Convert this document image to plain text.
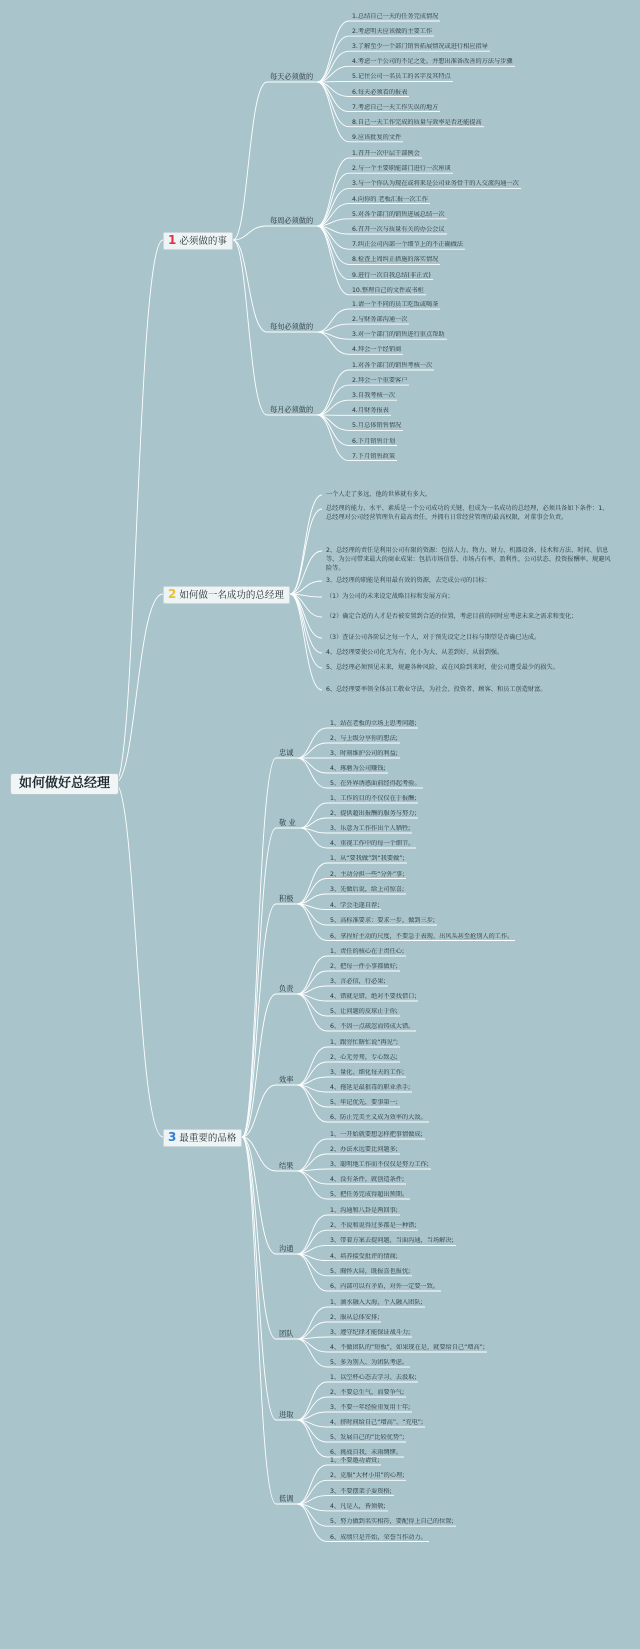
如何做好总经理
1 必须做的事
每天必须做的
1.总结自己一天的任务完成情况
2.考虑明天应该做的主要工作
3.了解至少一个部门销售拓展情况或进行相应指导
4.考虑一个公司的不足之处，并想出准备改善的方法与步骤
5.记住公司一名员工的名字及其特点
6.每天必须看的报表
7.考虑自己一天工作失误的地方
8.自己一天工作完成的质量与效率是否还能提高
9.应该批复的文件
每周必须做的
1.召开一次中层干部例会
2.与一个主要职能部门进行一次座谈
3.与一个你认为现在或将来是公司业务骨干的人交流沟通一次
4.向你的 老板汇报一次工作
5.对各个部门的销售进展总结一次
6.召开一次与质量有关的办公会议
7.纠正公司内部一个细节上的不正确做法
8.检查上周纠正措施的落实情况
9.进行一次自我总结(非正式)
10.整理自己的文件或书柜
每旬必须做的
1.请一个不同的员工吃饭或喝茶
2.与财务部沟通一次
3.对一个部门的销售进行重点帮助
4.拜会一个经销商
每月必须做的
1.对各个部门的销售考核一次
2.拜会一个重要客户
3.自我考核一次
4.月财务报表
5.月总体销售情况
6.下月销售计划
7.下月销售政策
2 如何做一名成功的总经理
一个人走了多远，他的世界就有多大。
总经理的能力、水平、素质是一个公司成功的关键，但成为一名成功的总经理，必须具备如下条件：1、总经理对公司经营管理负有最高责任，并拥有日常经营管理的最高权限，对董事会负责。
2、总经理的责任是利用公司有限的资源：包括人力、物力、财力、机器设备、技术和方法、时间、信息等，为公司带来最大的商业成果：包括市场信誉、市场占有率、盈利性、公司状态、投资报酬率、规避风险等。
3、总经理的职能是利用最有效的资源，去完成公司的目标：
（1）为公司的未来设定战略目标和发展方向；
（2）确定合适的人才是否被安置到合适的位置，考虑目前的同时应考虑未来之需求和变化；
（3）查证公司各阶层之每一个人，对于预先设定之目标与期望是否确已达成。
4、总经理要使公司化无为有、化小为大、从差到好、从弱到强。
5、总经理必须预见未来，规避各种风险，或在风险到来时，使公司遭受最少的损失。
6、总经理要率领全体员工敬业守法，为社会、投资者、顾客、和员工创造财富。
3 最重要的品格
忠诚
1、站在老板的立场上思考问题;
2、与上级分享你的想法;
3、时刻维护公司的利益;
4、琢磨为公司赚钱;
5、在外界诱惑面前经得起考验。
敬 业
1、工作的目的不仅仅在于报酬;
2、提供超出报酬的服务与努力;
3、乐意为工作作出个人牺牲;
4、重视工作中的每一个细节。
积极
1、从“要我做”到“我要做”;
2、主动分担一些“分外”事;
3、先做后说，给上司惊喜;
4、学会毛遂自荐;
5、高标准要求：要求一步，做到三步;
6、拿捏好主动的尺度，不要急于表现、出风头甚至抢别人的工作。
负责
1、责任的核心在于责任心;
2、把每一件小事都做好;
3、言必信，行必果;
4、错就是错，绝对不要找借口;
5、让问题的皮球止于你;
6、不因一点疏忽而铸成大错。
效率
1、跟穷忙瞎忙说“再见”;
2、心无旁骛，专心致志;
3、量化、细化每天的工作;
4、拖延是最狠毒的职业杀手;
5、牢记优先，要事第一;
6、防止完美主义成为效率的大敌。
结果
1、一开始就要想怎样把事情做成;
2、办法永远要比问题多;
3、聪明地工作而不仅仅是努力工作;
4、没有条件，就创造条件;
5、把任务完成得超出预期。
沟通
1、沟通和八卦是两回事;
2、不说和说得过多都是一种错;
3、带着方案去提问题，当面沟通，当场解决;
4、培养接受批评的情商;
5、胸怀大局，既报喜也报忧;
6、内部可以有矛盾，对外一定要一致。
团队
1、滴水融入大海，个人融入团队;
2、服从总体安排;
3、遵守纪律才能保证战斗力;
4、不做团队的“短板”，如果现在是，就要给自己“增高”;
5、多为别人、为团队考虑。
进取
1、以空杯心态去学习、去汲取;
2、不要总生气，而要争气;
3、不要一年经验重复用十年;
4、挤时间给自己“增高”、“充电”;
5、发展自己的“比较优势”;
6、挑战自我，未雨绸缪。
低调
1、不要邀功请赏;
2、克服“大材小用”的心理;
3、不要摆架子耍资格;
4、凡是人，皆须敬;
5、努力做到名实相符，要配得上自己的位置;
6、成绩只是开始，荣誉当作动力。
